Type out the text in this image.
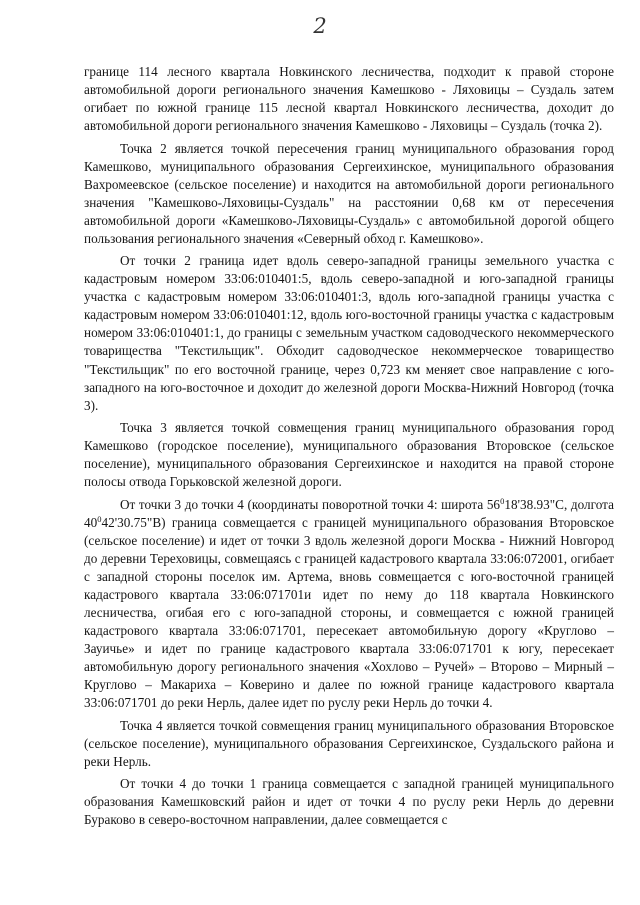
2

границе 114 лесного квартала Новкинского лесничества, подходит к правой стороне автомобильной дороги регионального значения Камешково - Ляховицы – Суздаль затем огибает по южной границе 115 лесной квартал Новкинского лесничества, доходит до автомобильной дороги регионального значения Камешково - Ляховицы – Суздаль (точка 2).

Точка 2 является точкой пересечения границ муниципального образования город Камешково, муниципального образования Сергеихинское, муниципального образования Вахромеевское (сельское поселение) и находится на автомобильной дороги регионального значения "Камешково-Ляховицы-Суздаль" на расстоянии 0,68 км от пересечения автомобильной дороги «Камешково-Ляховицы-Суздаль» с автомобильной дорогой общего пользования регионального значения «Северный обход г. Камешково».

От точки 2 граница идет вдоль северо-западной границы земельного участка с кадастровым номером 33:06:010401:5, вдоль северо-западной и юго-западной границы участка с кадастровым номером 33:06:010401:3, вдоль юго-западной границы участка с кадастровым номером 33:06:010401:12, вдоль юго-восточной границы участка с кадастровым номером 33:06:010401:1, до границы с земельным участком садоводческого некоммерческого товарищества "Текстильщик". Обходит садоводческое некоммерческое товарищество "Текстильщик" по его восточной границе, через 0,723 км меняет свое направление с юго-западного на юго-восточное и доходит до железной дороги Москва-Нижний Новгород (точка 3).

Точка 3 является точкой совмещения границ муниципального образования город Камешково (городское поселение), муниципального образования Второвское (сельское поселение), муниципального образования Сергеихинское и находится на правой стороне полосы отвода Горьковской железной дороги.

От точки 3 до точки 4 (координаты поворотной точки 4: широта $56^018'38.93"С$, долгота $40^042'30.75"В$) граница совмещается с границей муниципального образования Второвское (сельское поселение) и идет от точки 3 вдоль железной дороги Москва - Нижний Новгород до деревни Тереховицы, совмещаясь с границей кадастрового квартала 33:06:072001, огибает с западной стороны поселок им. Артема, вновь совмещается с юго-восточной границей кадастрового квартала 33:06:071701и идет по нему до 118 квартала Новкинского лесничества, огибая его с юго-западной стороны, и совмещается с южной границей кадастрового квартала 33:06:071701, пересекает автомобильную дорогу «Круглово – Зауичье» и идет по границе кадастрового квартала 33:06:071701 к югу, пересекает автомобильную дорогу регионального значения «Хохлово – Ручей» – Второво – Мирный – Круглово – Макариха – Коверино и далее по южной границе кадастрового квартала 33:06:071701 до реки Нерль, далее идет по руслу реки Нерль до точки 4.

Точка 4 является точкой совмещения границ муниципального образования Второвское (сельское поселение), муниципального образования Сергеихинское, Суздальского района и реки Нерль.

От точки 4 до точки 1 граница совмещается с западной границей муниципального образования Камешковский район и идет от точки 4 по руслу реки Нерль до деревни Бураково в северо-восточном направлении, далее совмещается с
